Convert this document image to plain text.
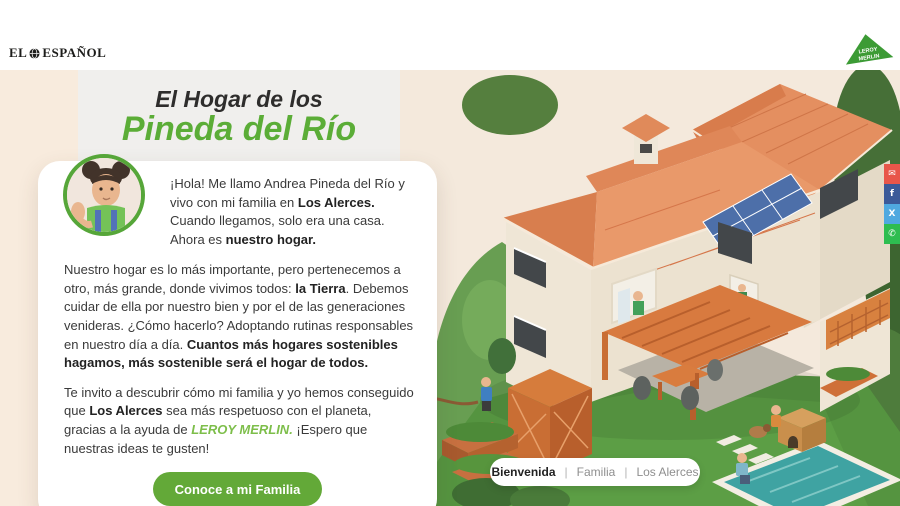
El Hogar de los
Pineda del Río

¡Hola! Me llamo Andrea Pineda del Río y vivo con mi familia en Los Alerces. Cuando llegamos, solo era una casa. Ahora es nuestro hogar.

Nuestro hogar es lo más importante, pero pertenecemos a otro, más grande, donde vivimos todos: la Tierra. Debemos cuidar de ella por nuestro bien y por el de las generaciones venideras. ¿Cómo hacerlo? Adoptando rutinas responsables en nuestro día a día. Cuantos más hogares sostenibles hagamos, más sostenible será el hogar de todos.

Te invito a descubrir cómo mi familia y yo hemos conseguido que Los Alerces sea más respetuoso con el planeta, gracias a la ayuda de LEROY MERLIN. ¡Espero que nuestras ideas te gusten!

Conoce a mi Familia
Bienvenida | Familia | Los Alerces
✉
f
X
✆
EL ESPAÑOL	LEROY
MERLIN
